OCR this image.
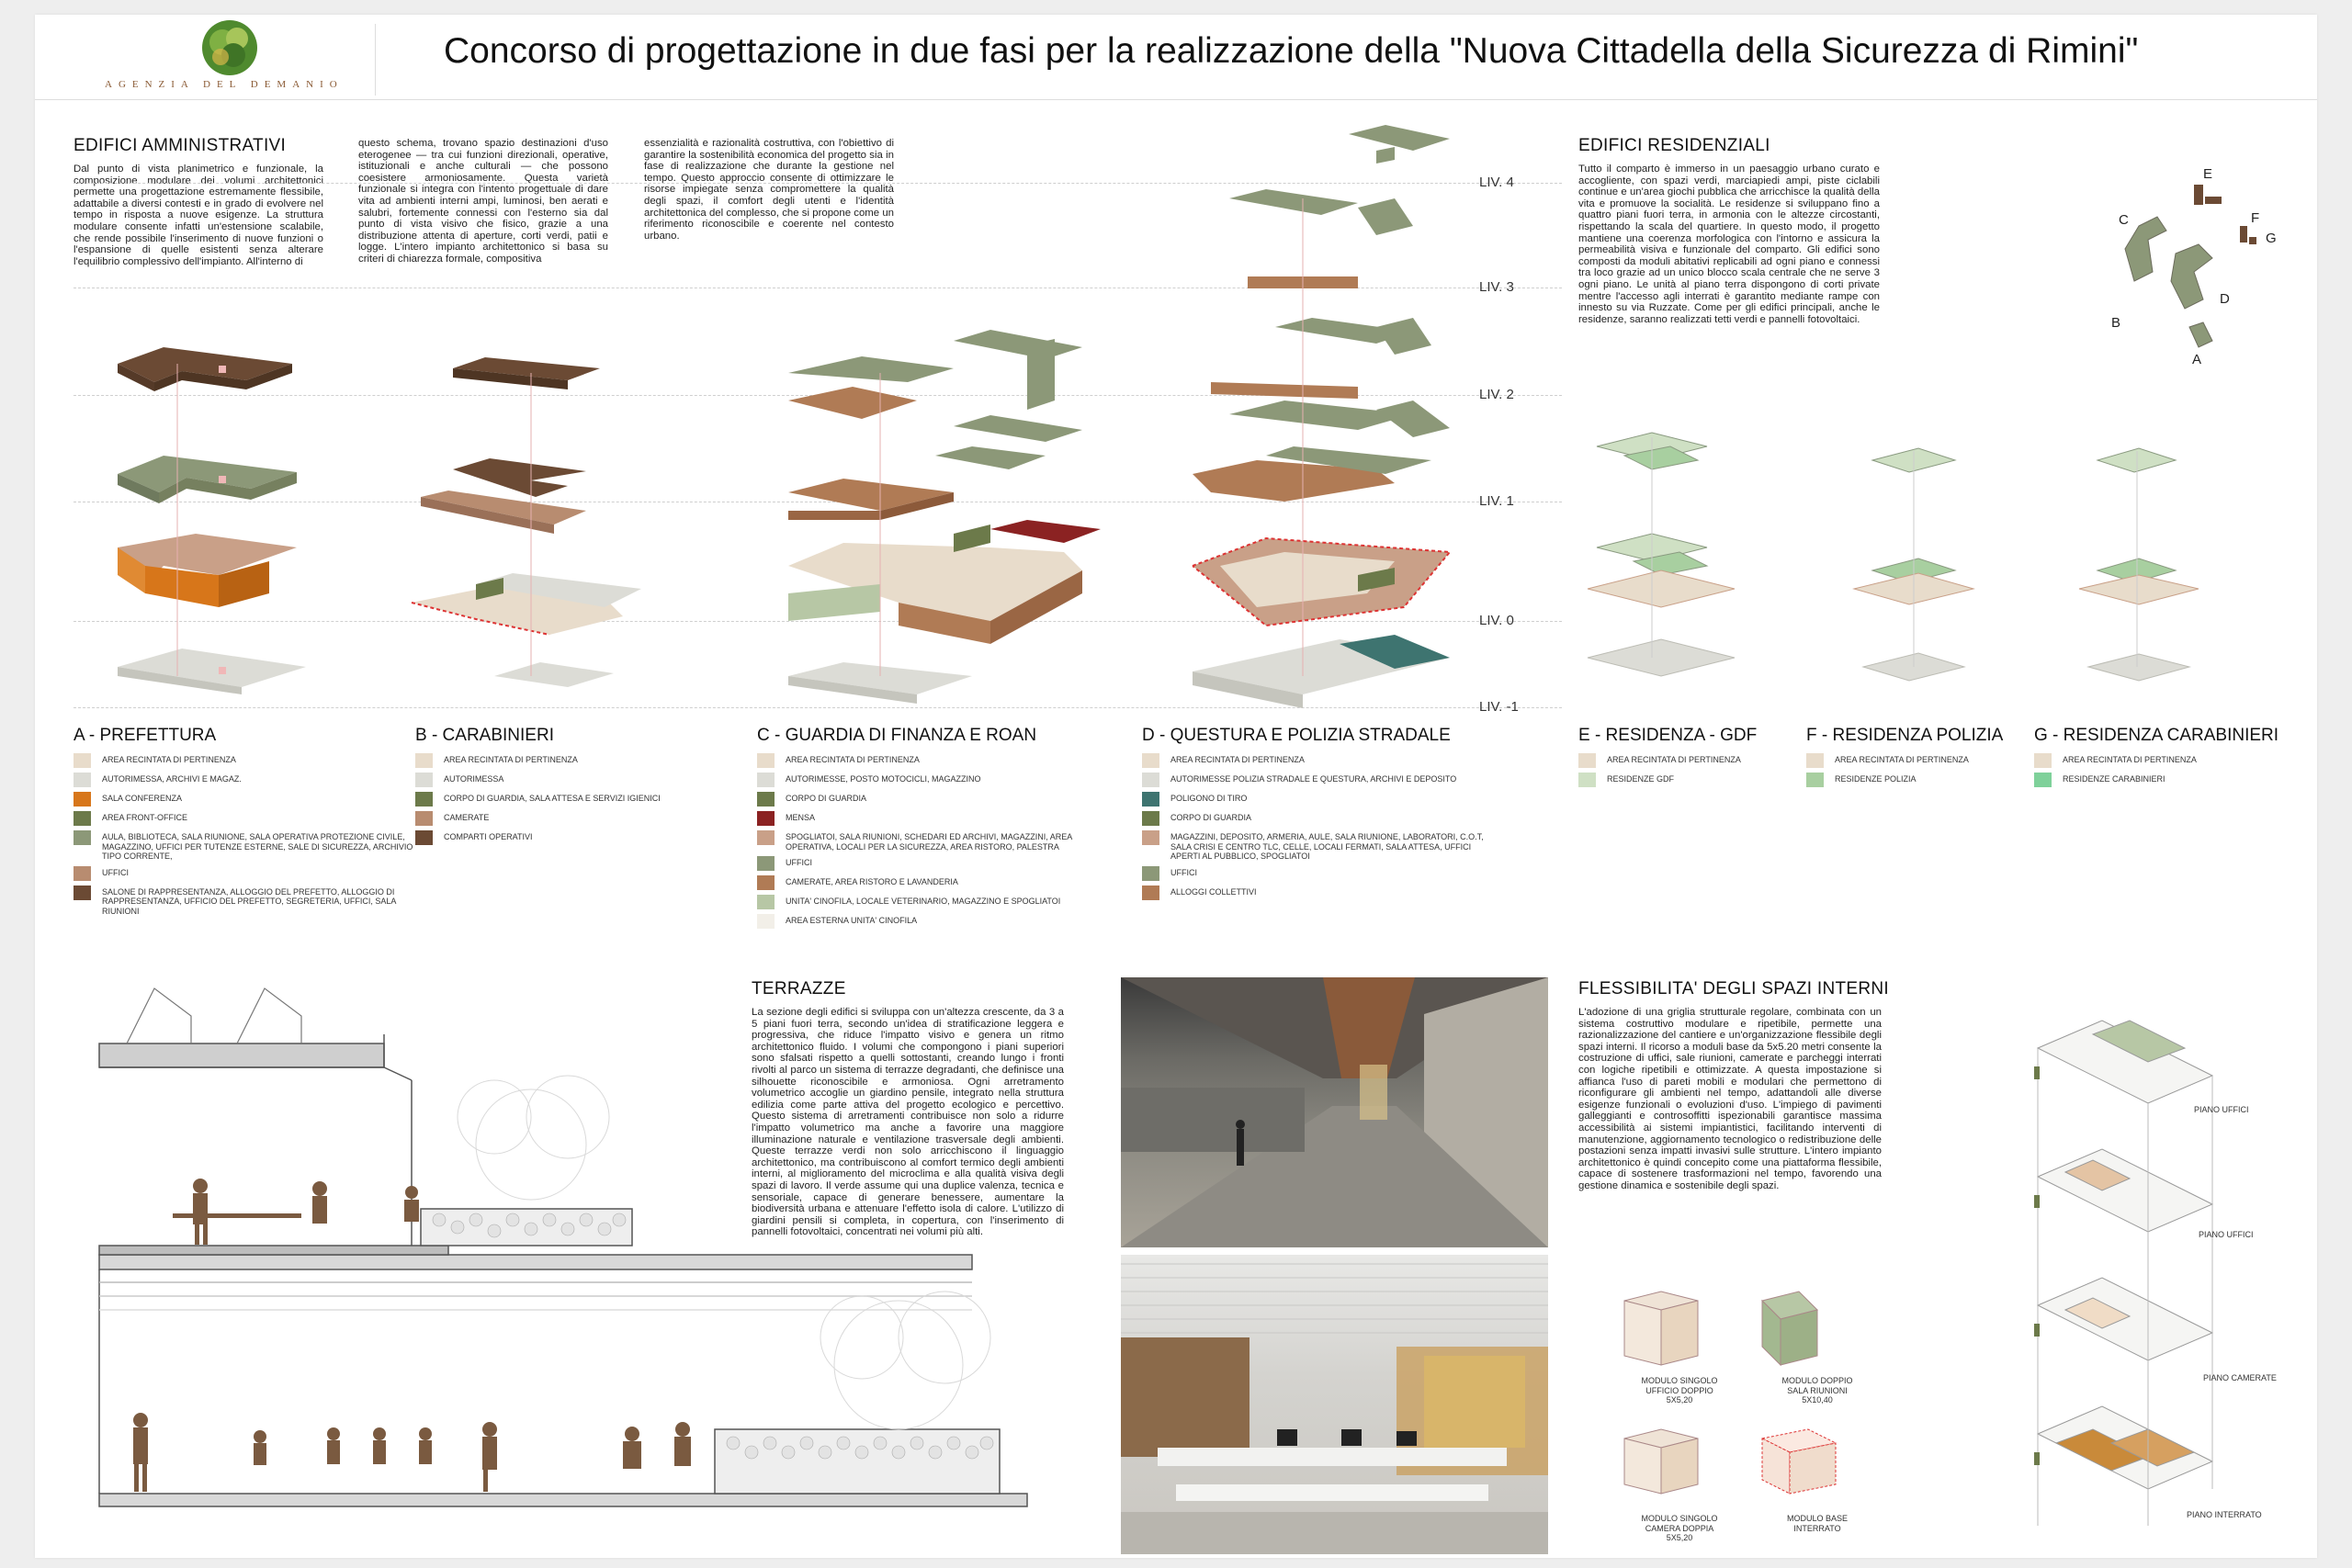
AGENZIA DEL DEMANIO
Concorso di progettazione in due fasi per la realizzazione della "Nuova Cittadella della Sicurezza di Rimini"
EDIFICI AMMINISTRATIVI
Dal punto di vista planimetrico e funzionale, la composizione modulare dei volumi architettonici permette una progettazione estremamente flessibile, adattabile a diversi contesti e in grado di evolvere nel tempo in risposta a nuove esigenze. La struttura modulare consente infatti un'estensione scalabile, che rende possibile l'inserimento di nuove funzioni o l'espansione di quelle esistenti senza alterare l'equilibrio complessivo dell'impianto. All'interno di
questo schema, trovano spazio destinazioni d'uso eterogenee — tra cui funzioni direzionali, operative, istituzionali e anche culturali — che possono coesistere armoniosamente. Questa varietà funzionale si integra con l'intento progettuale di dare vita ad ambienti interni ampi, luminosi, ben aerati e salubri, fortemente connessi con l'esterno sia dal punto di vista visivo che fisico, grazie a una distribuzione attenta di aperture, corti verdi, patii e logge. L'intero impianto architettonico si basa su criteri di chiarezza formale, compositiva
essenzialità e razionalità costruttiva, con l'obiettivo di garantire la sostenibilità economica del progetto sia in fase di realizzazione che durante la gestione nel tempo. Questo approccio consente di ottimizzare le risorse impiegate senza compromettere la qualità degli spazi, il comfort degli utenti e l'identità architettonica del complesso, che si propone come un riferimento riconoscibile e coerente nel contesto urbano.
LIV. 4
LIV. 3
LIV. 2
LIV. 1
LIV. 0
LIV. -1
EDIFICI RESIDENZIALI
Tutto il comparto è immerso in un paesaggio urbano curato e accogliente, con spazi verdi, marciapiedi ampi, piste ciclabili continue e un'area giochi pubblica che arricchisce la qualità della vita e promuove la socialità. Le residenze si sviluppano fino a quattro piani fuori terra, in armonia con le altezze circostanti, rispettando la scala del quartiere. In questo modo, il progetto mantiene una coerenza morfologica con l'intorno e assicura la permeabilità visiva e funzionale del comparto. Gli edifici sono composti da moduli abitativi replicabili ad ogni piano e connessi tra loco grazie ad un unico blocco scala centrale che ne serve 3 ogni piano. Le unità al piano terra dispongono di corti private mentre l'accesso agli interrati è garantito mediante rampe con innesto su via Ruzzate. Come per gli edifici principali, anche le residenze, saranno realizzati tetti verdi e pannelli fotovoltaici.
A
B
C
D
E
F
G
A - PREFETTURA
AREA RECINTATA DI PERTINENZA
AUTORIMESSA, ARCHIVI E MAGAZ.
SALA CONFERENZA
AREA FRONT-OFFICE
AULA, BIBLIOTECA, SALA RIUNIONE, SALA OPERATIVA PROTEZIONE CIVILE, MAGAZZINO, UFFICI PER TUTENZE ESTERNE, SALE DI SICUREZZA, ARCHIVIO TIPO CORRENTE,
UFFICI
SALONE DI RAPPRESENTANZA, ALLOGGIO DEL PREFETTO, ALLOGGIO DI RAPPRESENTANZA, UFFICIO DEL PREFETTO, SEGRETERIA, UFFICI, SALA RIUNIONI
B - CARABINIERI
AREA RECINTATA DI PERTINENZA
AUTORIMESSA
CORPO DI GUARDIA, SALA ATTESA E SERVIZI IGIENICI
CAMERATE
COMPARTI OPERATIVI
C - GUARDIA DI FINANZA E ROAN
AREA RECINTATA DI PERTINENZA
AUTORIMESSE, POSTO MOTOCICLI, MAGAZZINO
CORPO DI GUARDIA
MENSA
SPOGLIATOI, SALA RIUNIONI, SCHEDARI ED ARCHIVI, MAGAZZINI, AREA OPERATIVA, LOCALI PER LA SICUREZZA, AREA RISTORO, PALESTRA
UFFICI
CAMERATE, AREA RISTORO E LAVANDERIA
UNITA' CINOFILA, LOCALE VETERINARIO, MAGAZZINO E SPOGLIATOI
AREA ESTERNA UNITA' CINOFILA
D - QUESTURA E POLIZIA STRADALE
AREA RECINTATA DI PERTINENZA
AUTORIMESSE POLIZIA STRADALE E QUESTURA, ARCHIVI E DEPOSITO
POLIGONO DI TIRO
CORPO DI GUARDIA
MAGAZZINI, DEPOSITO, ARMERIA, AULE, SALA RIUNIONE, LABORATORI, C.O.T, SALA CRISI E CENTRO TLC, CELLE, LOCALI FERMATI, SALA ATTESA, UFFICI APERTI AL PUBBLICO, SPOGLIATOI
UFFICI
ALLOGGI COLLETTIVI
E - RESIDENZA - GDF
AREA RECINTATA DI PERTINENZA
RESIDENZE GDF
F - RESIDENZA POLIZIA
AREA RECINTATA DI PERTINENZA
RESIDENZE POLIZIA
G - RESIDENZA CARABINIERI
AREA RECINTATA DI PERTINENZA
RESIDENZE CARABINIERI
TERRAZZE
La sezione degli edifici si sviluppa con un'altezza crescente, da 3 a 5 piani fuori terra, secondo un'idea di stratificazione leggera e progressiva, che riduce l'impatto visivo e genera un ritmo architettonico fluido. I volumi che compongono i piani superiori sono sfalsati rispetto a quelli sottostanti, creando lungo i fronti rivolti al parco un sistema di terrazze degradanti, che definisce una silhouette riconoscibile e armoniosa. Ogni arretramento volumetrico accoglie un giardino pensile, integrato nella struttura edilizia come parte attiva del progetto ecologico e percettivo. Questo sistema di arretramenti contribuisce non solo a ridurre l'impatto volumetrico ma anche a favorire una maggiore illuminazione naturale e ventilazione trasversale degli ambienti. Queste terrazze verdi non solo arricchiscono il linguaggio architettonico, ma contribuiscono al comfort termico degli ambienti interni, al miglioramento del microclima e alla qualità visiva degli spazi di lavoro. Il verde assume qui una duplice valenza, tecnica e sensoriale, capace di generare benessere, aumentare la biodiversità urbana e attenuare l'effetto isola di calore. L'utilizzo di giardini pensili si completa, in copertura, con l'inserimento di pannelli fotovoltaici, concentrati nei volumi più alti.
FLESSIBILITA' DEGLI SPAZI INTERNI
L'adozione di una griglia strutturale regolare, combinata con un sistema costruttivo modulare e ripetibile, permette una razionalizzazione del cantiere e un'organizzazione flessibile degli spazi interni. Il ricorso a moduli base da 5x5.20 metri consente la costruzione di uffici, sale riunioni, camerate e parcheggi interrati con logiche ripetibili e ottimizzate. A questa impostazione si affianca l'uso di pareti mobili e modulari che permettono di riconfigurare gli ambienti nel tempo, adattandoli alle diverse esigenze funzionali o evoluzioni d'uso. L'impiego di pavimenti galleggianti e controsoffitti ispezionabili garantisce massima accessibilità ai sistemi impiantistici, facilitando interventi di manutenzione, aggiornamento tecnologico o redistribuzione delle postazioni senza impatti invasivi sulle strutture. L'intero impianto architettonico è quindi concepito come una piattaforma flessibile, capace di sostenere trasformazioni nel tempo, favorendo una gestione dinamica e sostenibile degli spazi.
MODULO SINGOLO UFFICIO DOPPIO 5X5,20
MODULO DOPPIO SALA RIUNIONI 5X10,40
MODULO SINGOLO CAMERA DOPPIA 5X5,20
MODULO BASE INTERRATO
PIANO UFFICI
PIANO UFFICI
PIANO CAMERATE
PIANO INTERRATO
